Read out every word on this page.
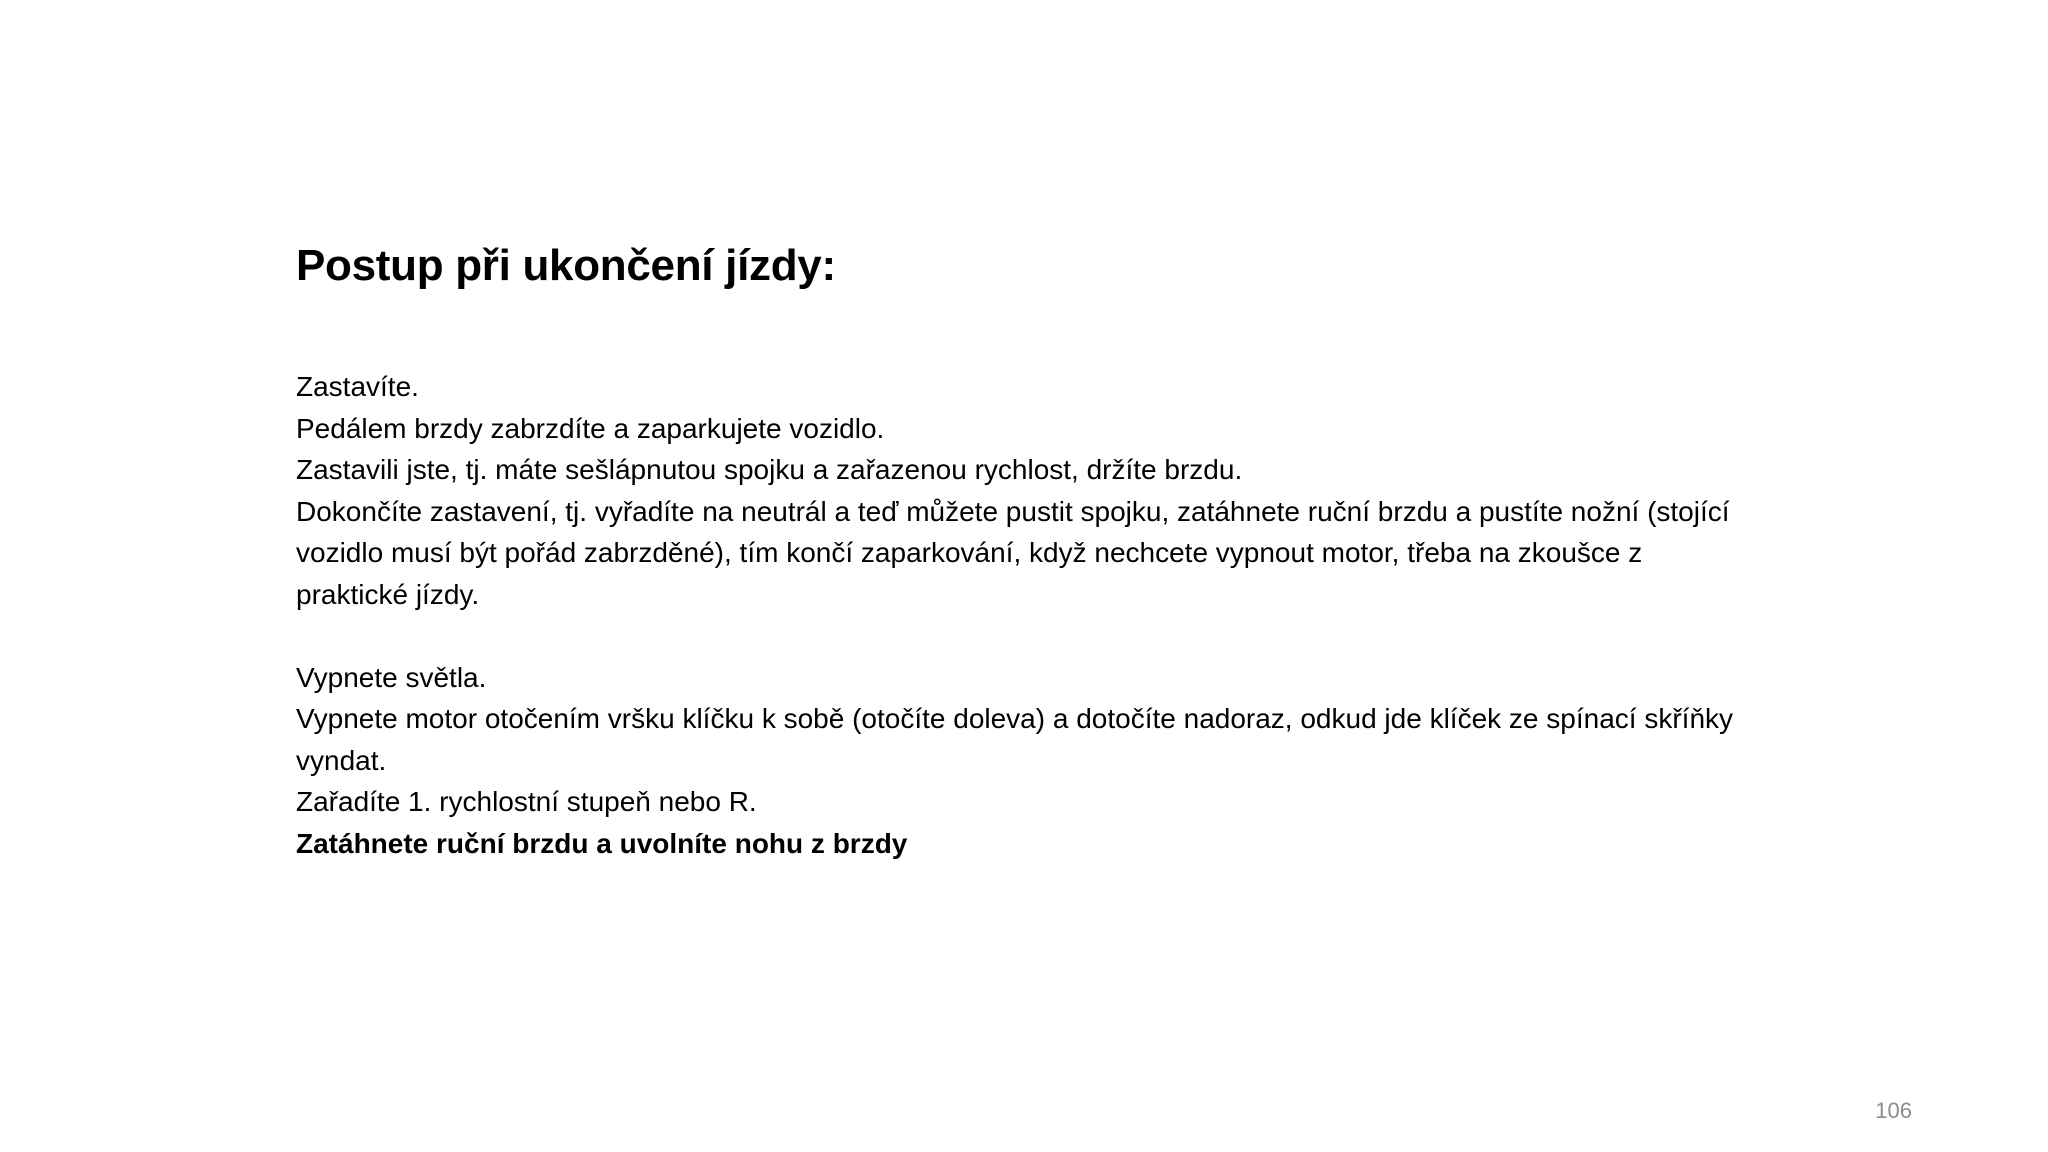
Postup při ukončení jízdy:

Zastavíte.

Pedálem brzdy zabrzdíte a zaparkujete vozidlo.

Zastavili jste, tj. máte sešlápnutou spojku a zařazenou rychlost, držíte brzdu.

Dokončíte zastavení, tj. vyřadíte na neutrál a teď můžete pustit spojku, zatáhnete ruční brzdu a pustíte nožní (stojící vozidlo musí být pořád zabrzděné), tím končí zaparkování, když nechcete vypnout motor, třeba na zkoušce z praktické jízdy.

Vypnete světla.

Vypnete motor otočením vršku klíčku k sobě (otočíte doleva) a dotočíte nadoraz, odkud jde klíček ze spínací skříňky vyndat.

Zařadíte 1. rychlostní stupeň nebo R.

Zatáhnete ruční brzdu a uvolníte nohu z brzdy

106
